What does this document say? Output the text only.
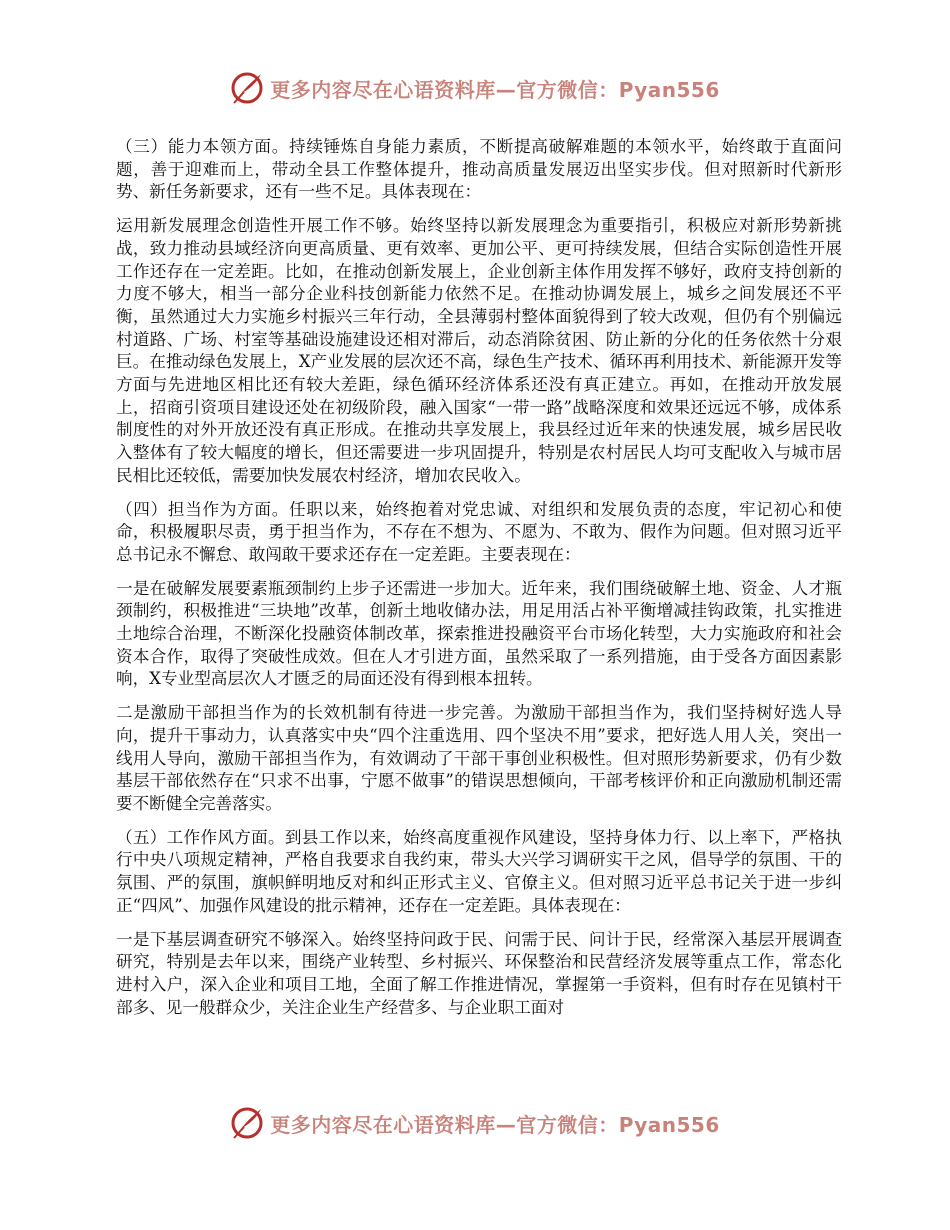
更多内容尽在心语资料库—官方微信：Pyan556

（三）能力本领方面。持续锤炼自身能力素质，不断提高破解难题的本领水平，始终敢于直面问题，善于迎难而上，带动全县工作整体提升，推动高质量发展迈出坚实步伐。但对照新时代新形势、新任务新要求，还有一些不足。具体表现在：

运用新发展理念创造性开展工作不够。始终坚持以新发展理念为重要指引，积极应对新形势新挑战，致力推动县域经济向更高质量、更有效率、更加公平、更可持续发展，但结合实际创造性开展工作还存在一定差距。比如，在推动创新发展上，企业创新主体作用发挥不够好，政府支持创新的力度不够大，相当一部分企业科技创新能力依然不足。在推动协调发展上，城乡之间发展还不平衡，虽然通过大力实施乡村振兴三年行动，全县薄弱村整体面貌得到了较大改观，但仍有个别偏远村道路、广场、村室等基础设施建设还相对滞后，动态消除贫困、防止新的分化的任务依然十分艰巨。在推动绿色发展上，X产业发展的层次还不高，绿色生产技术、循环再利用技术、新能源开发等方面与先进地区相比还有较大差距，绿色循环经济体系还没有真正建立。再如，在推动开放发展上，招商引资项目建设还处在初级阶段，融入国家“一带一路”战略深度和效果还远远不够，成体系制度性的对外开放还没有真正形成。在推动共享发展上，我县经过近年来的快速发展，城乡居民收入整体有了较大幅度的增长，但还需要进一步巩固提升，特别是农村居民人均可支配收入与城市居民相比还较低，需要加快发展农村经济，增加农民收入。

（四）担当作为方面。任职以来，始终抱着对党忠诚、对组织和发展负责的态度，牢记初心和使命，积极履职尽责，勇于担当作为，不存在不想为、不愿为、不敢为、假作为问题。但对照习近平总书记永不懈怠、敢闯敢干要求还存在一定差距。主要表现在：

一是在破解发展要素瓶颈制约上步子还需进一步加大。近年来，我们围绕破解土地、资金、人才瓶颈制约，积极推进“三块地”改革，创新土地收储办法，用足用活占补平衡增减挂钩政策，扎实推进土地综合治理，不断深化投融资体制改革，探索推进投融资平台市场化转型，大力实施政府和社会资本合作，取得了突破性成效。但在人才引进方面，虽然采取了一系列措施，由于受各方面因素影响，X专业型高层次人才匮乏的局面还没有得到根本扭转。

二是激励干部担当作为的长效机制有待进一步完善。为激励干部担当作为，我们坚持树好选人导向，提升干事动力，认真落实中央“四个注重选用、四个坚决不用”要求，把好选人用人关，突出一线用人导向，激励干部担当作为，有效调动了干部干事创业积极性。但对照形势新要求，仍有少数基层干部依然存在“只求不出事，宁愿不做事”的错误思想倾向，干部考核评价和正向激励机制还需要不断健全完善落实。

（五）工作作风方面。到县工作以来，始终高度重视作风建设，坚持身体力行、以上率下，严格执行中央八项规定精神，严格自我要求自我约束，带头大兴学习调研实干之风，倡导学的氛围、干的氛围、严的氛围，旗帜鲜明地反对和纠正形式主义、官僚主义。但对照习近平总书记关于进一步纠正“四风”、加强作风建设的批示精神，还存在一定差距。具体表现在：

一是下基层调查研究不够深入。始终坚持问政于民、问需于民、问计于民，经常深入基层开展调查研究，特别是去年以来，围绕产业转型、乡村振兴、环保整治和民营经济发展等重点工作，常态化进村入户，深入企业和项目工地，全面了解工作推进情况，掌握第一手资料，但有时存在见镇村干部多、见一般群众少，关注企业生产经营多、与企业职工面对

更多内容尽在心语资料库—官方微信：Pyan556
